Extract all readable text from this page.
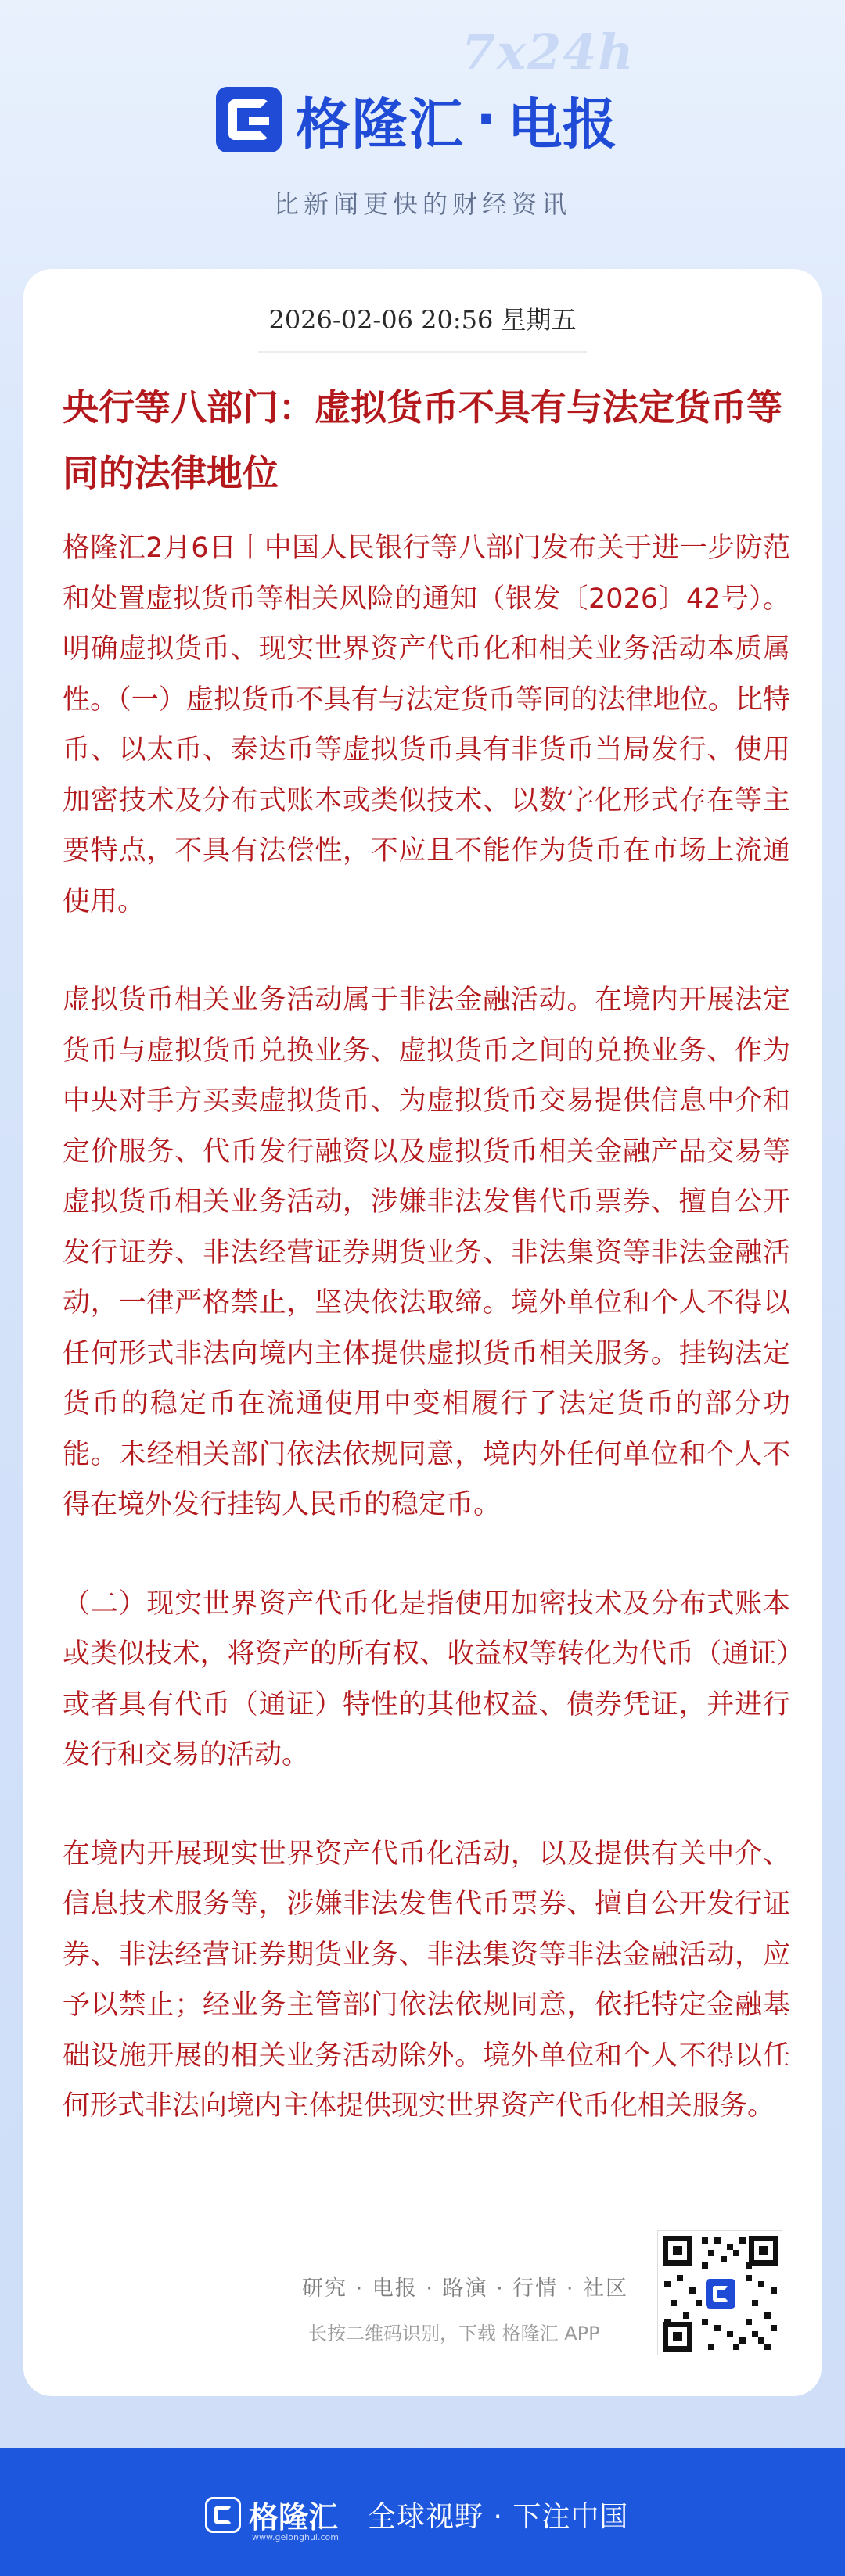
7x24h
格隆汇 · 电报
比新闻更快的财经资讯
2026-02-06 20:56 星期五
央行等八部门：虚拟货币不具有与法定货币等同的法律地位

格隆汇2月6日丨中国人民银行等八部门发布关于进一步防范和处置虚拟货币等相关风险的通知（银发〔2026〕42号）。明确虚拟货币、现实世界资产代币化和相关业务活动本质属性。（一）虚拟货币不具有与法定货币等同的法律地位。比特币、以太币、泰达币等虚拟货币具有非货币当局发行、使用加密技术及分布式账本或类似技术、以数字化形式存在等主要特点，不具有法偿性，不应且不能作为货币在市场上流通使用。

虚拟货币相关业务活动属于非法金融活动。在境内开展法定货币与虚拟货币兑换业务、虚拟货币之间的兑换业务、作为中央对手方买卖虚拟货币、为虚拟货币交易提供信息中介和定价服务、代币发行融资以及虚拟货币相关金融产品交易等虚拟货币相关业务活动，涉嫌非法发售代币票券、擅自公开发行证券、非法经营证券期货业务、非法集资等非法金融活动，一律严格禁止，坚决依法取缔。境外单位和个人不得以任何形式非法向境内主体提供虚拟货币相关服务。挂钩法定货币的稳定币在流通使用中变相履行了法定货币的部分功能。未经相关部门依法依规同意，境内外任何单位和个人不得在境外发行挂钩人民币的稳定币。

（二）现实世界资产代币化是指使用加密技术及分布式账本或类似技术，将资产的所有权、收益权等转化为代币（通证）或者具有代币（通证）特性的其他权益、债券凭证，并进行发行和交易的活动。

在境内开展现实世界资产代币化活动，以及提供有关中介、信息技术服务等，涉嫌非法发售代币票券、擅自公开发行证券、非法经营证券期货业务、非法集资等非法金融活动，应予以禁止；经业务主管部门依法依规同意，依托特定金融基础设施开展的相关业务活动除外。境外单位和个人不得以任何形式非法向境内主体提供现实世界资产代币化相关服务。

研究 · 电报 · 路演 · 行情 · 社区
长按二维码识别，下载 格隆汇 APP
格隆汇
www.gelonghui.com
全球视野 · 下注中国
